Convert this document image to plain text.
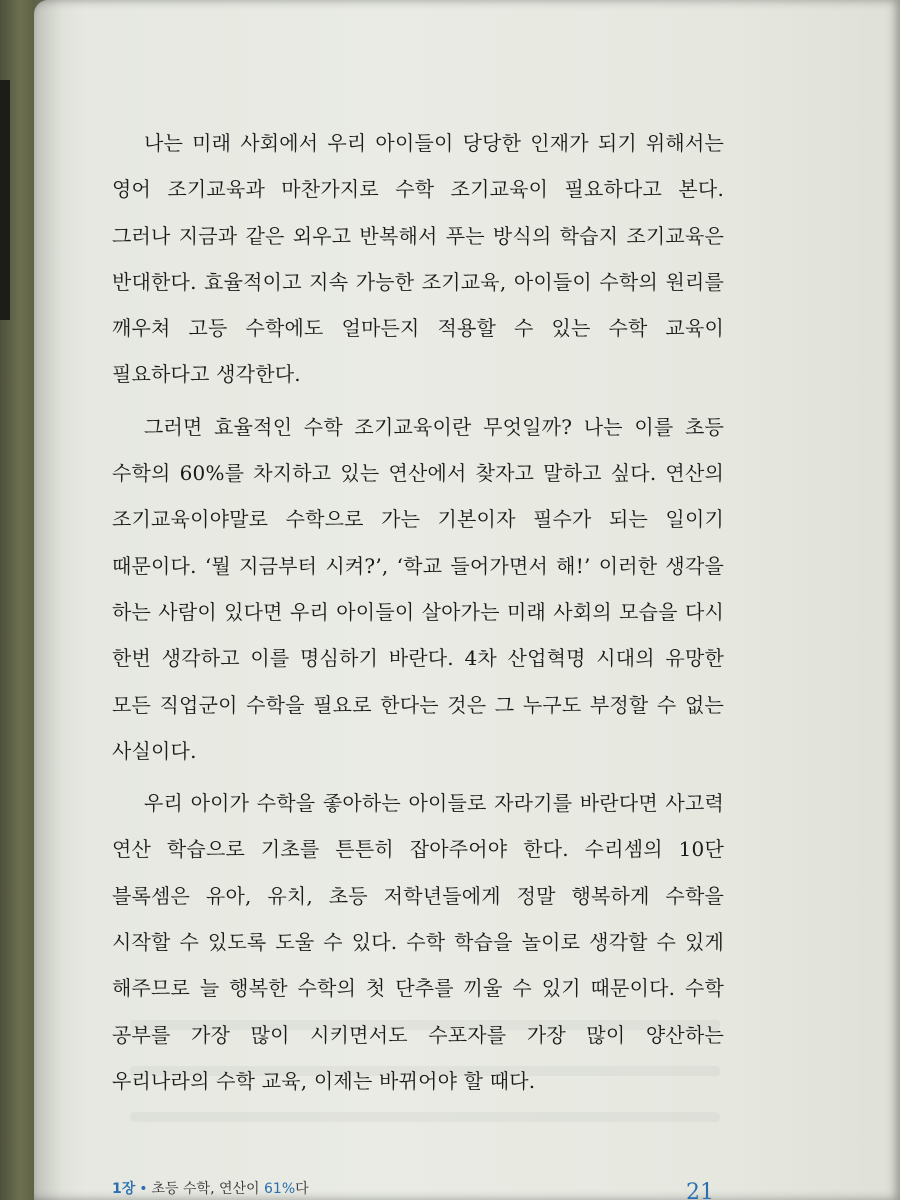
나는 미래 사회에서 우리 아이들이 당당한 인재가 되기 위해서는 영어 조기교육과 마찬가지로 수학 조기교육이 필요하다고 본다. 그러나 지금과 같은 외우고 반복해서 푸는 방식의 학습지 조기교육은 반대한다. 효율적이고 지속 가능한 조기교육, 아이들이 수학의 원리를 깨우쳐 고등 수학에도 얼마든지 적용할 수 있는 수학 교육이 필요하다고 생각한다.

그러면 효율적인 수학 조기교육이란 무엇일까? 나는 이를 초등 수학의 60%를 차지하고 있는 연산에서 찾자고 말하고 싶다. 연산의 조기교육이야말로 수학으로 가는 기본이자 필수가 되는 일이기 때문이다. ‘뭘 지금부터 시켜?’, ‘학교 들어가면서 해!’ 이러한 생각을 하는 사람이 있다면 우리 아이들이 살아가는 미래 사회의 모습을 다시 한번 생각하고 이를 명심하기 바란다. 4차 산업혁명 시대의 유망한 모든 직업군이 수학을 필요로 한다는 것은 그 누구도 부정할 수 없는 사실이다.

우리 아이가 수학을 좋아하는 아이들로 자라기를 바란다면 사고력 연산 학습으로 기초를 튼튼히 잡아주어야 한다. 수리셈의 10단 블록셈은 유아, 유치, 초등 저학년들에게 정말 행복하게 수학을 시작할 수 있도록 도울 수 있다. 수학 학습을 놀이로 생각할 수 있게 해주므로 늘 행복한 수학의 첫 단추를 끼울 수 있기 때문이다. 수학 공부를 가장 많이 시키면서도 수포자를 가장 많이 양산하는 우리나라의 수학 교육, 이제는 바뀌어야 할 때다.

1장 • 초등 수학, 연산이 61%다	21
